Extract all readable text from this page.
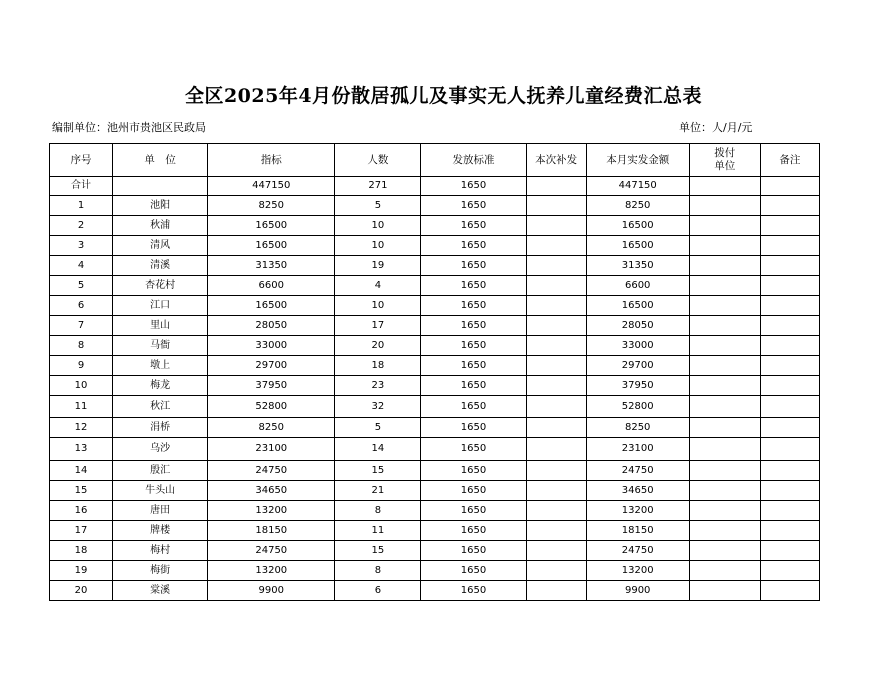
全区2025年4月份散居孤儿及事实无人抚养儿童经费汇总表
编制单位：池州市贵池区民政局	单位：人/月/元
序号	单　位	指标	人数	发放标准	本次补发	本月实发金额	拨付单位	备注
合计		447150	271	1650		447150		
1	池阳	8250	5	1650		8250		
2	秋浦	16500	10	1650		16500		
3	清风	16500	10	1650		16500		
4	清溪	31350	19	1650		31350		
5	杏花村	6600	4	1650		6600		
6	江口	16500	10	1650		16500		
7	里山	28050	17	1650		28050		
8	马衙	33000	20	1650		33000		
9	墩上	29700	18	1650		29700		
10	梅龙	37950	23	1650		37950		
11	秋江	52800	32	1650		52800		
12	涓桥	8250	5	1650		8250		
13	乌沙	23100	14	1650		23100		
14	殷汇	24750	15	1650		24750		
15	牛头山	34650	21	1650		34650		
16	唐田	13200	8	1650		13200		
17	牌楼	18150	11	1650		18150		
18	梅村	24750	15	1650		24750		
19	梅街	13200	8	1650		13200		
20	棠溪	9900	6	1650		9900		
